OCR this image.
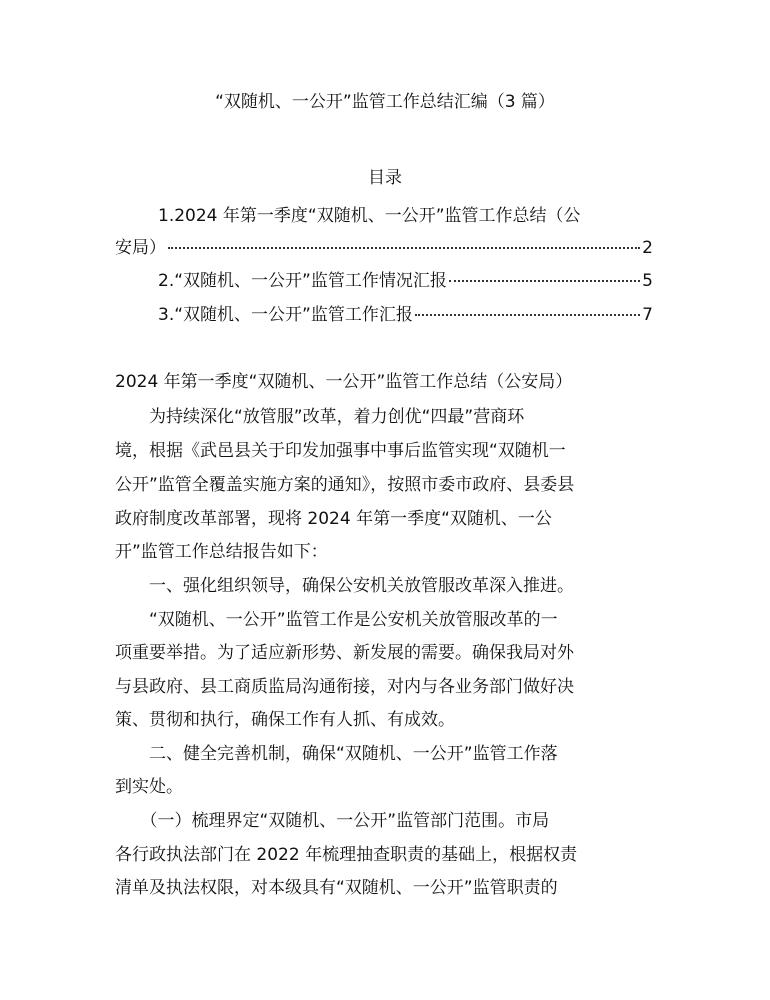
“双随机、一公开”监管工作总结汇编（3 篇）
目录
1.2024 年第一季度“双随机、一公开”监管工作总结（公
安局）	2
2.“双随机、一公开”监管工作情况汇报	5
3.“双随机、一公开”监管工作汇报	7
2024 年第一季度“双随机、一公开”监管工作总结（公安局）
　　为持续深化“放管服”改革，着力创优“四最”营商环
境，根据《武邑县关于印发加强事中事后监管实现“双随机一
公开”监管全覆盖实施方案的通知》，按照市委市政府、县委县
政府制度改革部署，现将 2024 年第一季度“双随机、一公
开”监管工作总结报告如下：
　　一、强化组织领导，确保公安机关放管服改革深入推进。
　　“双随机、一公开”监管工作是公安机关放管服改革的一
项重要举措。为了适应新形势、新发展的需要。确保我局对外
与县政府、县工商质监局沟通衔接，对内与各业务部门做好决
策、贯彻和执行，确保工作有人抓、有成效。
　　二、健全完善机制，确保“双随机、一公开”监管工作落
到实处。
　　（一）梳理界定“双随机、一公开”监管部门范围。市局
各行政执法部门在 2022 年梳理抽查职责的基础上，根据权责
清单及执法权限，对本级具有“双随机、一公开”监管职责的
